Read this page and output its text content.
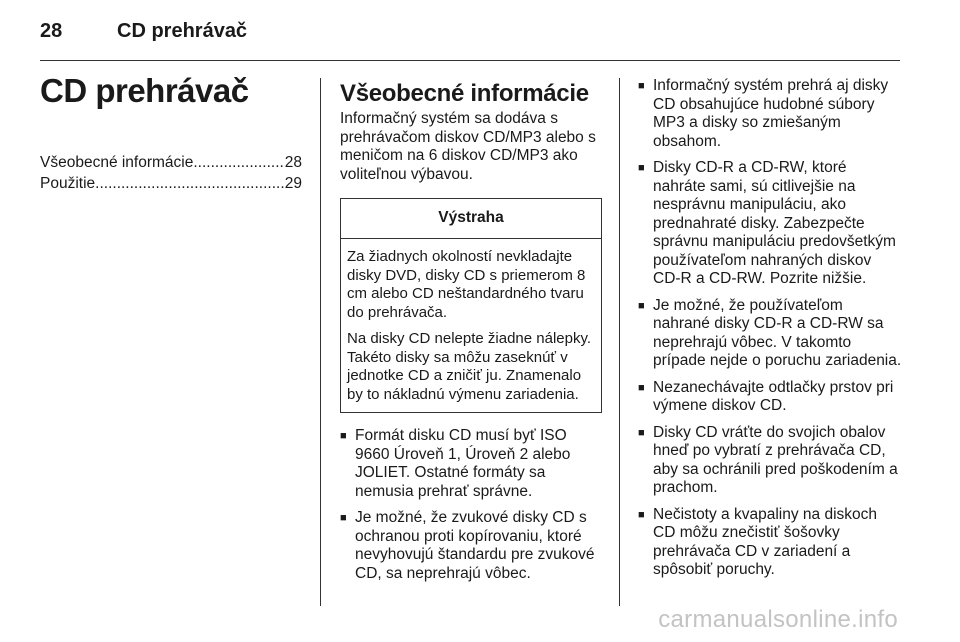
28	CD prehrávač
CD prehrávač
Všeobecné informácie .....	28
Použitie .....	29
Všeobecné informácie

Informačný systém sa dodáva s prehrávačom diskov CD/MP3 alebo s meničom na 6 diskov CD/MP3 ako voliteľnou výbavou.

Výstraha

Za žiadnych okolností nevkladajte disky DVD, disky CD s priemerom 8 cm alebo CD neštandardného tvaru do prehrávača.

Na disky CD nelepte žiadne nálepky. Takéto disky sa môžu zaseknúť v jednotke CD a zničiť ju. Znamenalo by to nákladnú výmenu zariadenia.

■ Formát disku CD musí byť ISO 9660 Úroveň 1, Úroveň 2 alebo JOLIET. Ostatné formáty sa nemusia prehrať správne.
■ Je možné, že zvukové disky CD s ochranou proti kopírovaniu, ktoré nevyhovujú štandardu pre zvukové CD, sa neprehrajú vôbec.
■ Informačný systém prehrá aj disky CD obsahujúce hudobné súbory MP3 a disky so zmiešaným obsahom.
■ Disky CD-R a CD-RW, ktoré nahráte sami, sú citlivejšie na nesprávnu manipuláciu, ako prednahraté disky. Zabezpečte správnu manipuláciu predovšetkým používateľom nahraných diskov CD-R a CD-RW. Pozrite nižšie.
■ Je možné, že používateľom nahrané disky CD-R a CD-RW sa neprehrajú vôbec. V takomto prípade nejde o poruchu zariadenia.
■ Nezanechávajte odtlačky prstov pri výmene diskov CD.
■ Disky CD vráťte do svojich obalov hneď po vybratí z prehrávača CD, aby sa ochránili pred poškodením a prachom.
■ Nečistoty a kvapaliny na diskoch CD môžu znečistiť šošovky prehrávača CD v zariadení a spôsobiť poruchy.
carmanualsonline.info
